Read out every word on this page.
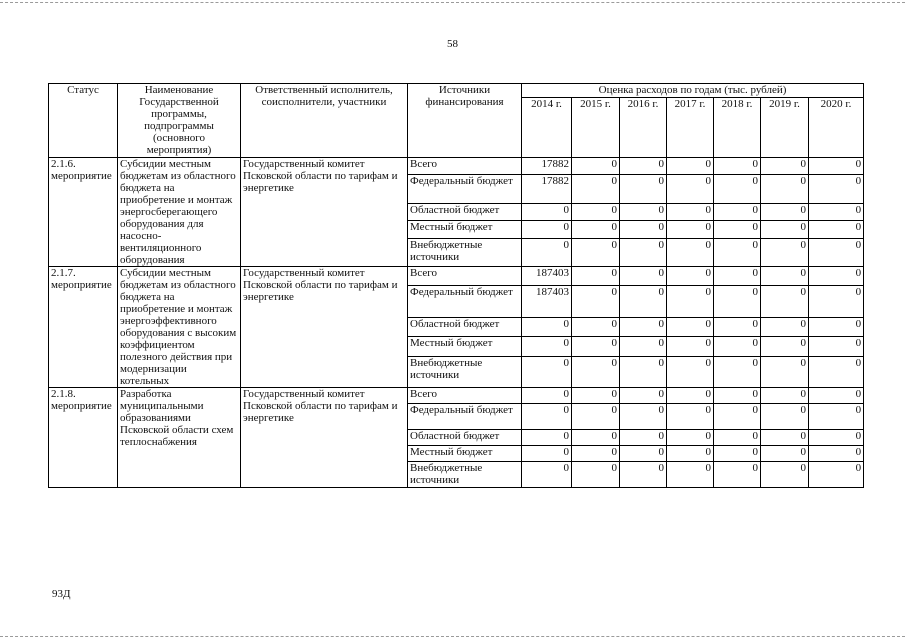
58
Статус	Наименование Государственной программы, подпрограммы (основного мероприятия)	Ответственный исполнитель, соисполнители, участники	Источники финансирования	Оценка расходов по годам (тыс. рублей)						
				2014 г.	2015 г.	2016 г.	2017 г.	2018 г.	2019 г.	2020 г.
2.1.6. мероприятие	Субсидии местным бюджетам из областного бюджета на приобретение и монтаж энергосберегающего оборудования для насосно-вентиляционного оборудования	Государственный комитет Псковской области по тарифам и энергетике	Всего	17882	0	0	0	0	0	0
			Федеральный бюджет	17882	0	0	0	0	0	0
			Областной бюджет	0	0	0	0	0	0	0
			Местный бюджет	0	0	0	0	0	0	0
			Внебюджетные источники	0	0	0	0	0	0	0
2.1.7. мероприятие	Субсидии местным бюджетам из областного бюджета на приобретение и монтаж энергоэффективного оборудования с высоким коэффициентом полезного действия при модернизации котельных	Государственный комитет Псковской области по тарифам и энергетике	Всего	187403	0	0	0	0	0	0
			Федеральный бюджет	187403	0	0	0	0	0	0
			Областной бюджет	0	0	0	0	0	0	0
			Местный бюджет	0	0	0	0	0	0	0
			Внебюджетные источники	0	0	0	0	0	0	0
2.1.8. мероприятие	Разработка муниципальными образованиями Псковской области схем теплоснабжения	Государственный комитет Псковской области по тарифам и энергетике	Всего	0	0	0	0	0	0	0
			Федеральный бюджет	0	0	0	0	0	0	0
			Областной бюджет	0	0	0	0	0	0	0
			Местный бюджет	0	0	0	0	0	0	0
			Внебюджетные источники	0	0	0	0	0	0	0
93Д
